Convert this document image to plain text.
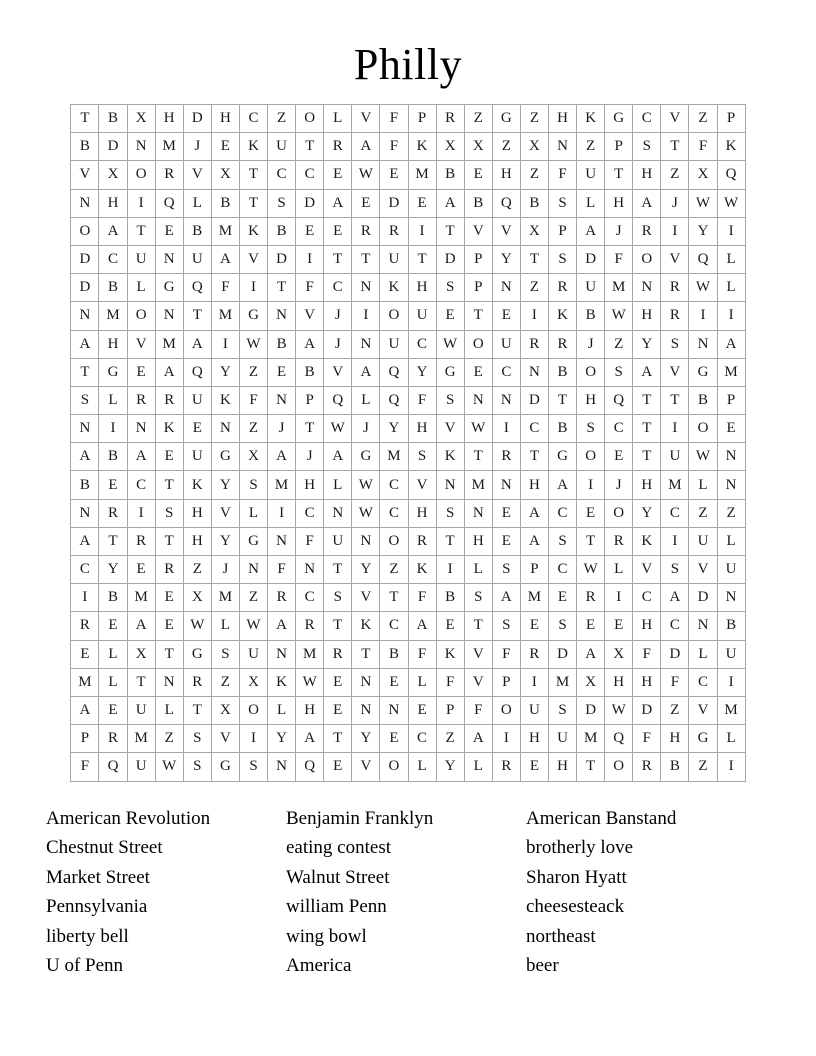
Philly
T	B	X	H	D	H	C	Z	O	L	V	F	P	R	Z	G	Z	H	K	G	C	V	Z	P
B	D	N	M	J	E	K	U	T	R	A	F	K	X	X	Z	X	N	Z	P	S	T	F	K
V	X	O	R	V	X	T	C	C	E	W	E	M	B	E	H	Z	F	U	T	H	Z	X	Q
N	H	I	Q	L	B	T	S	D	A	E	D	E	A	B	Q	B	S	L	H	A	J	W	W
O	A	T	E	B	M	K	B	E	E	R	R	I	T	V	V	X	P	A	J	R	I	Y	I
D	C	U	N	U	A	V	D	I	T	T	U	T	D	P	Y	T	S	D	F	O	V	Q	L
D	B	L	G	Q	F	I	T	F	C	N	K	H	S	P	N	Z	R	U	M	N	R	W	L
N	M	O	N	T	M	G	N	V	J	I	O	U	E	T	E	I	K	B	W	H	R	I	I
A	H	V	M	A	I	W	B	A	J	N	U	C	W	O	U	R	R	J	Z	Y	S	N	A
T	G	E	A	Q	Y	Z	E	B	V	A	Q	Y	G	E	C	N	B	O	S	A	V	G	M
S	L	R	R	U	K	F	N	P	Q	L	Q	F	S	N	N	D	T	H	Q	T	T	B	P
N	I	N	K	E	N	Z	J	T	W	J	Y	H	V	W	I	C	B	S	C	T	I	O	E
A	B	A	E	U	G	X	A	J	A	G	M	S	K	T	R	T	G	O	E	T	U	W	N
B	E	C	T	K	Y	S	M	H	L	W	C	V	N	M	N	H	A	I	J	H	M	L	N
N	R	I	S	H	V	L	I	C	N	W	C	H	S	N	E	A	C	E	O	Y	C	Z	Z
A	T	R	T	H	Y	G	N	F	U	N	O	R	T	H	E	A	S	T	R	K	I	U	L
C	Y	E	R	Z	J	N	F	N	T	Y	Z	K	I	L	S	P	C	W	L	V	S	V	U
I	B	M	E	X	M	Z	R	C	S	V	T	F	B	S	A	M	E	R	I	C	A	D	N
R	E	A	E	W	L	W	A	R	T	K	C	A	E	T	S	E	S	E	E	H	C	N	B
E	L	X	T	G	S	U	N	M	R	T	B	F	K	V	F	R	D	A	X	F	D	L	U
M	L	T	N	R	Z	X	K	W	E	N	E	L	F	V	P	I	M	X	H	H	F	C	I
A	E	U	L	T	X	O	L	H	E	N	N	E	P	F	O	U	S	D	W	D	Z	V	M
P	R	M	Z	S	V	I	Y	A	T	Y	E	C	Z	A	I	H	U	M	Q	F	H	G	L
F	Q	U	W	S	G	S	N	Q	E	V	O	L	Y	L	R	E	H	T	O	R	B	Z	I
American Revolution
Chestnut Street
Market Street
Pennsylvania
liberty bell
U of Penn
Benjamin Franklyn
eating contest
Walnut Street
william Penn
wing bowl
America
American Banstand
brotherly love
Sharon Hyatt
cheesesteack
northeast
beer
